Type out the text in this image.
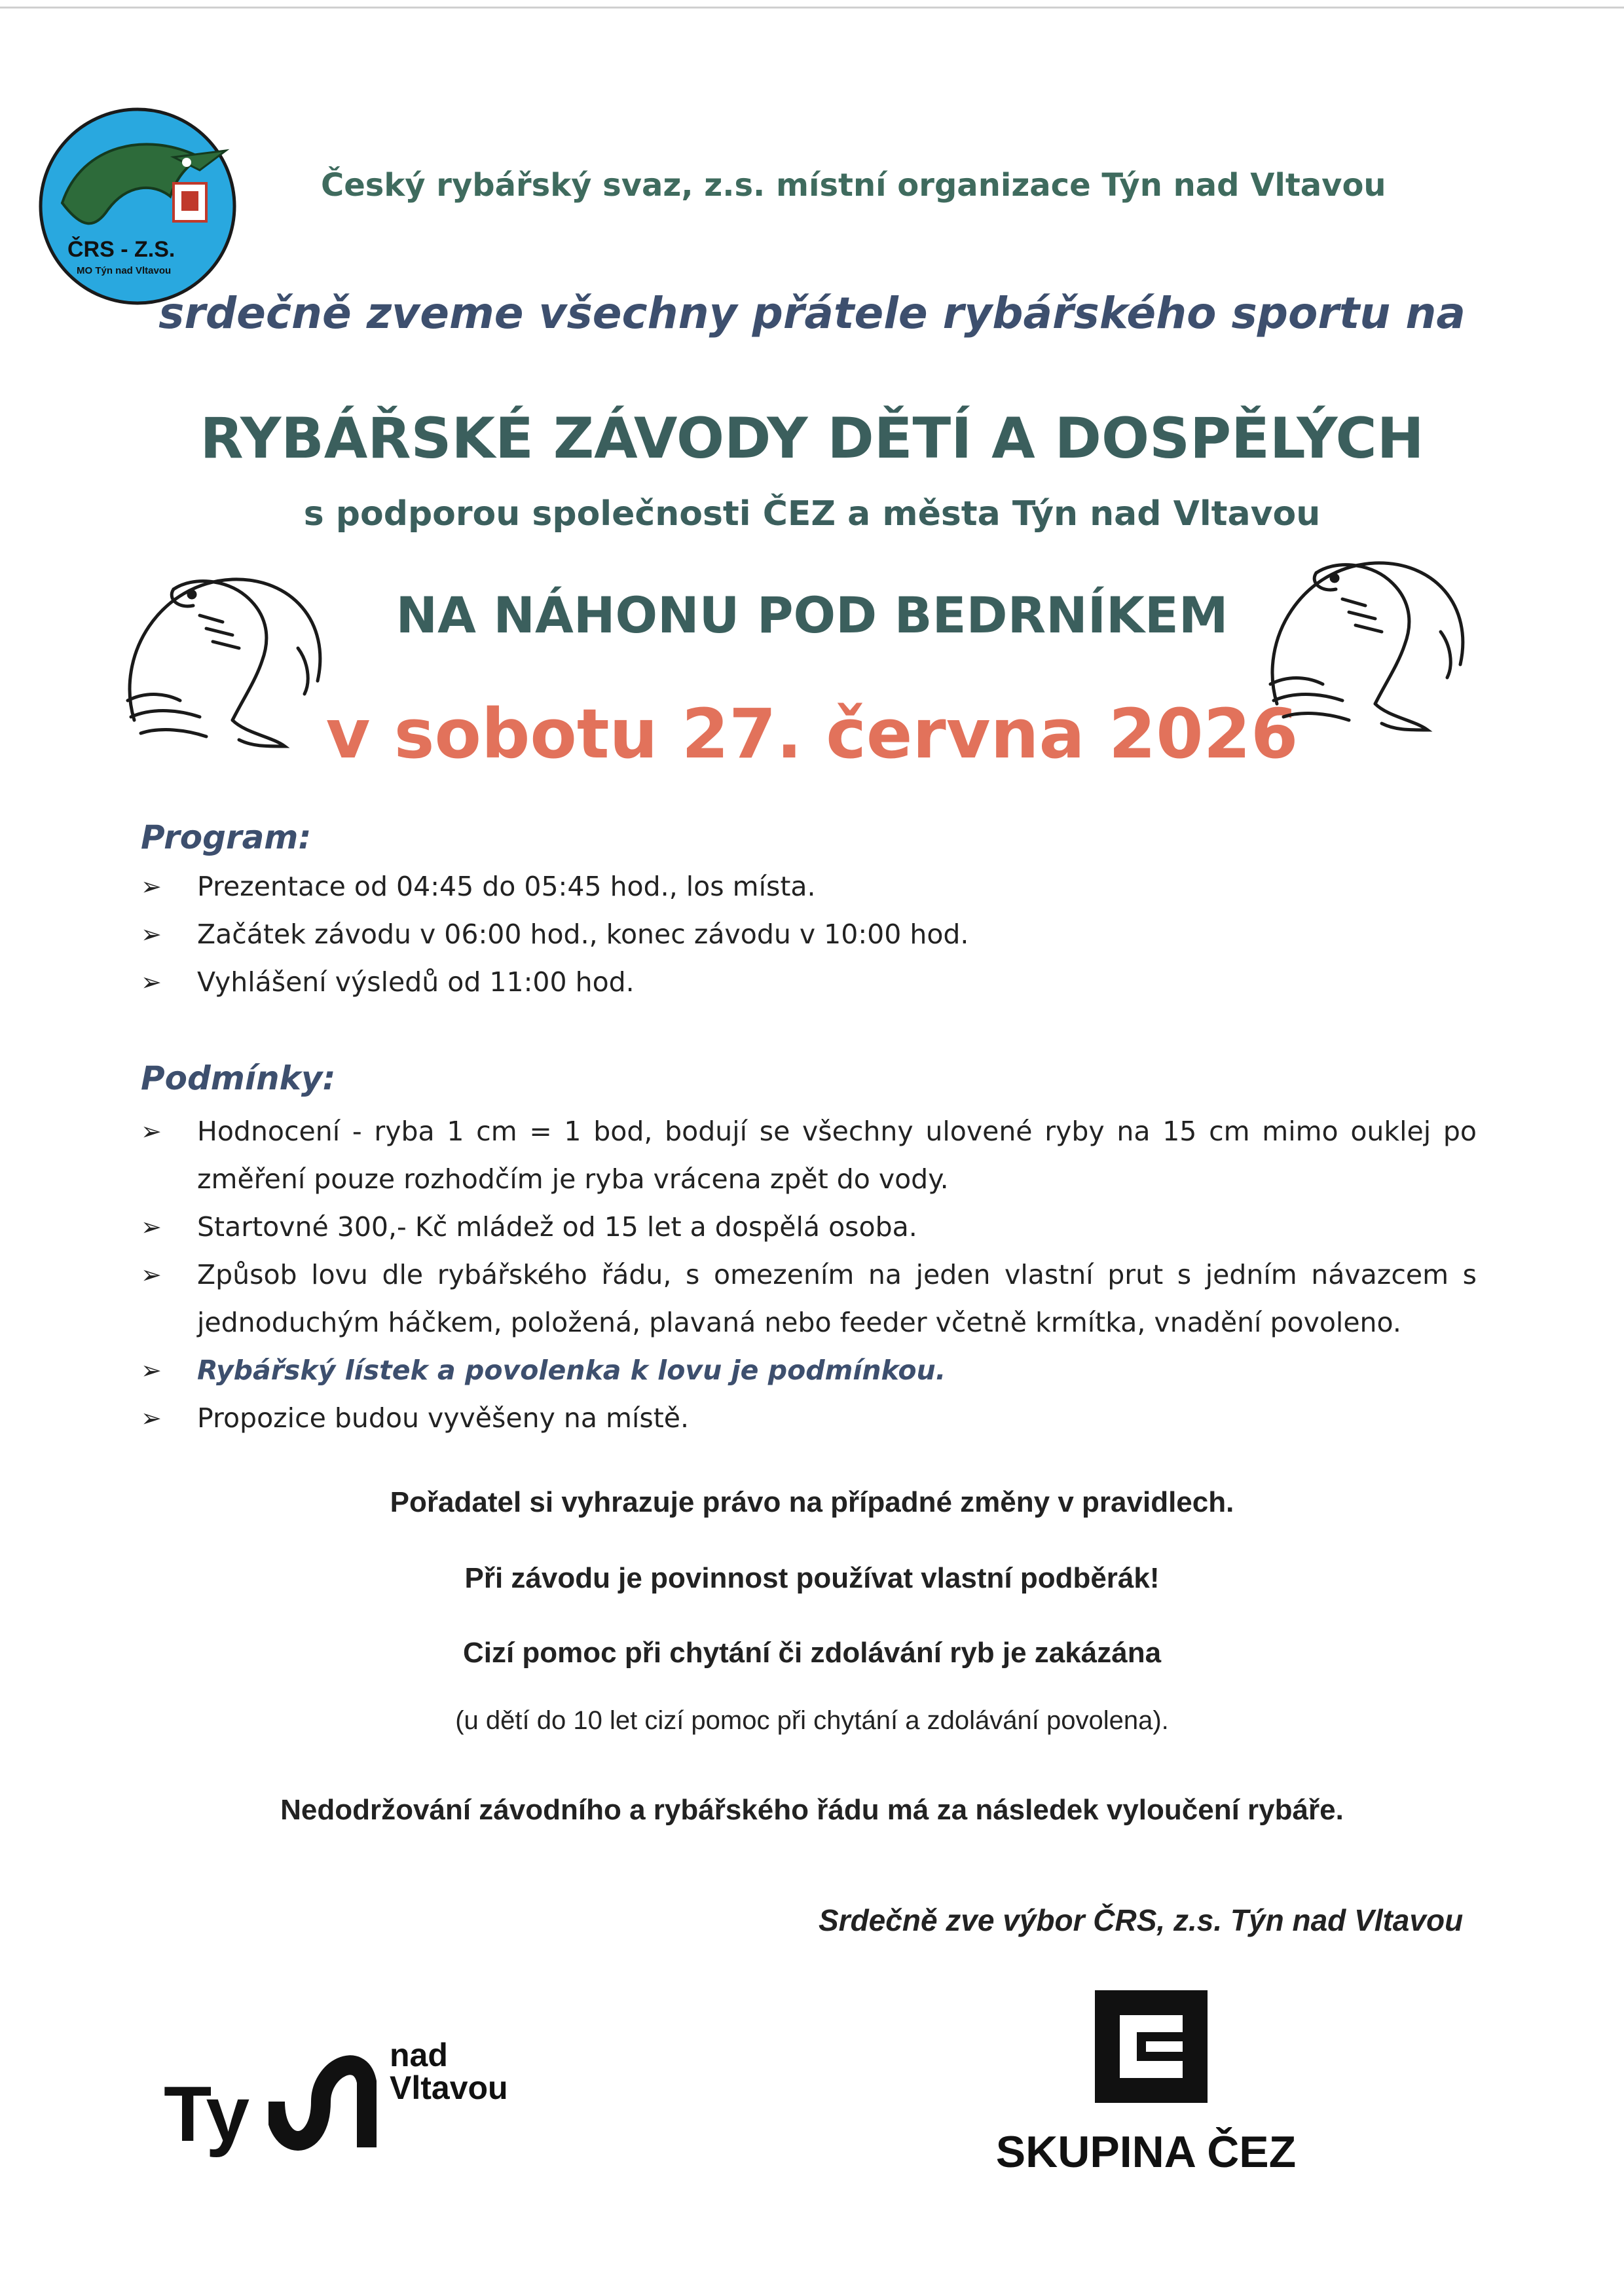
ČRS - Z.S.
MO Týn nad Vltavou
Český rybářský svaz, z.s. místní organizace Týn nad Vltavou
srdečně zveme všechny přátele rybářského sportu na
RYBÁŘSKÉ ZÁVODY DĚTÍ A DOSPĚLÝCH
s podporou společnosti ČEZ a města Týn nad Vltavou
NA NÁHONU POD BEDRNÍKEM
v sobotu 27. června 2026
Program:
➢ Prezentace od 04:45 do 05:45 hod., los místa.
➢ Začátek závodu v 06:00 hod., konec závodu v 10:00 hod.
➢ Vyhlášení výsledů od 11:00 hod.
Podmínky:
➢ Hodnocení - ryba 1 cm = 1 bod, bodují se všechny ulovené ryby na 15 cm mimo ouklej po změření pouze rozhodčím je ryba vrácena zpět do vody.
➢ Startovné 300,- Kč mládež od 15 let a dospělá osoba.
➢ Způsob lovu dle rybářského řádu, s omezením na jeden vlastní prut s jedním návazcem s jednoduchým háčkem, položená, plavaná nebo feeder včetně krmítka, vnadění povoleno.
➢ Rybářský lístek a povolenka k lovu je podmínkou.
➢ Propozice budou vyvěšeny na místě.
Pořadatel si vyhrazuje právo na případné změny v pravidlech.
Při závodu je povinnost používat vlastní podběrák!
Cizí pomoc při chytání či zdolávání ryb je zakázána
(u dětí do 10 let cizí pomoc při chytání a zdolávání povolena).
Nedodržování závodního a rybářského řádu má za následek vyloučení rybáře.
Srdečně zve výbor ČRS, z.s. Týn nad Vltavou
Ty
nad
Vltavou
SKUPINA ČEZ
